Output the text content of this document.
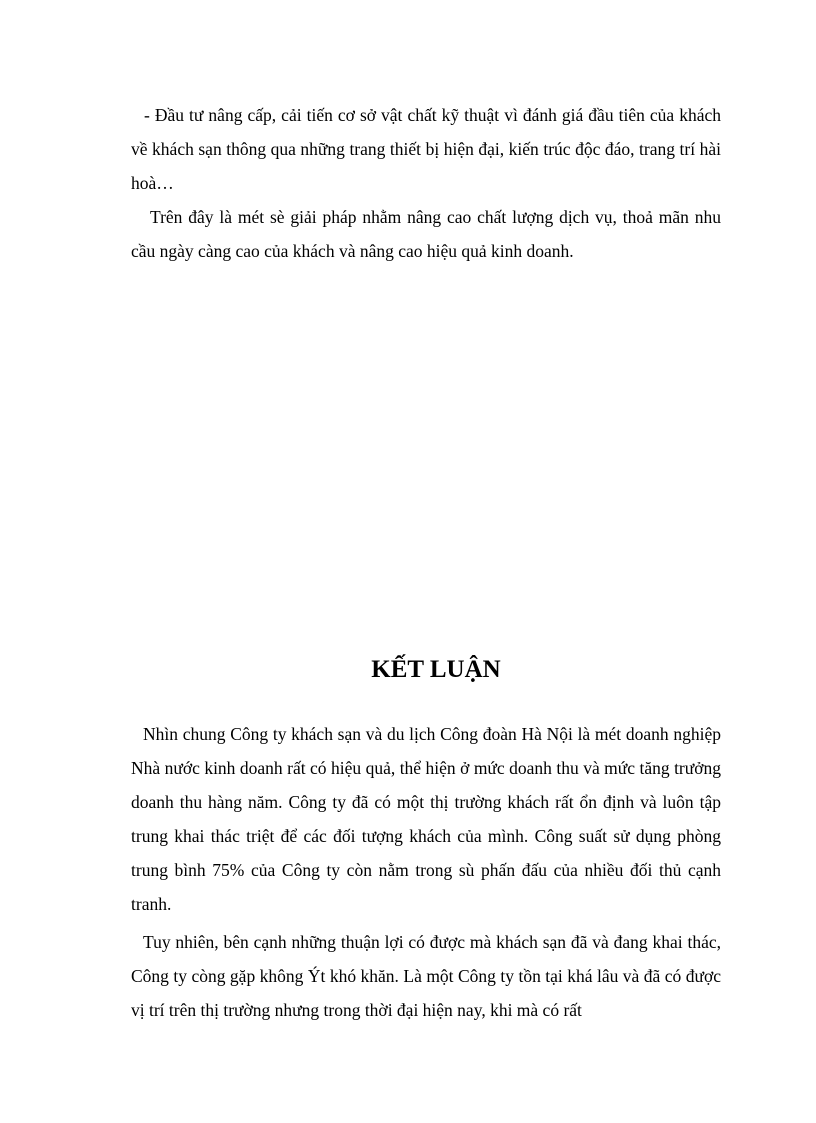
- Đầu tư nâng cấp, cải tiến cơ sở vật chất kỹ thuật vì đánh giá đầu tiên của khách về khách sạn thông qua những trang thiết bị hiện đại, kiến trúc độc đáo, trang trí hài hoà…

Trên đây là mét sè giải pháp nhằm nâng cao chất lượng dịch vụ, thoả mãn nhu cầu ngày càng cao của khách và nâng cao hiệu quả kinh doanh.

KẾT LUẬN

Nhìn chung Công ty khách sạn và du lịch Công đoàn Hà Nội là mét doanh nghiệp Nhà nước kinh doanh rất có hiệu quả, thể hiện ở mức doanh thu và mức tăng trưởng doanh thu hàng năm. Công ty đã có một thị trường khách rất ổn định và luôn tập trung khai thác triệt để các đối tượng khách của mình. Công suất sử dụng phòng trung bình 75% của Công ty còn nằm trong sù phấn đấu của nhiều đối thủ cạnh tranh.

Tuy nhiên, bên cạnh những thuận lợi có được mà khách sạn đã và đang khai thác, Công ty còng gặp không Ýt khó khăn. Là một Công ty tồn tại khá lâu và đã có được vị trí trên thị trường nhưng trong thời đại hiện nay, khi mà có rất
